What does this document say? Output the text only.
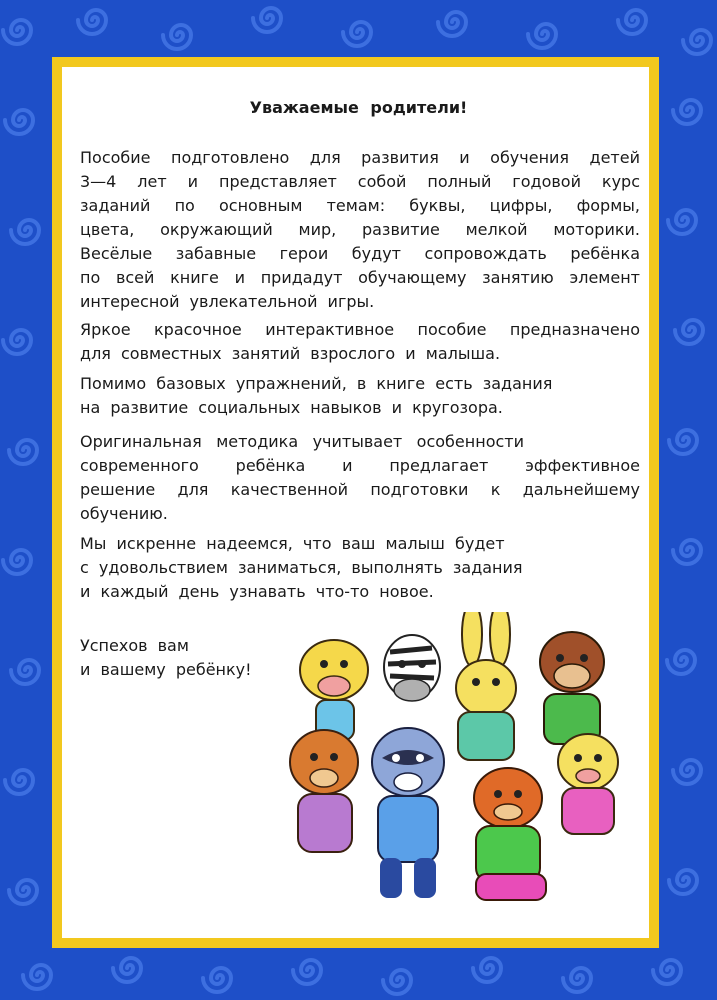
Уважаемые родители!
Пособие подготовлено для развития и обучения детей
3—4 лет и представляет собой полный годовой курс
заданий по основным темам: буквы, цифры, формы,
цвета, окружающий мир, развитие мелкой моторики.
Весёлые забавные герои будут сопровождать ребёнка
по всей книге и придадут обучающему занятию элемент
интересной увлекательной игры.
Яркое красочное интерактивное пособие предназначено
для совместных занятий взрослого и малыша.
Помимо базовых упражнений, в книге есть задания
на развитие социальных навыков и кругозора.
Оригинальная методика учитывает особенности
современного ребёнка и предлагает эффективное
решение для качественной подготовки к дальнейшему
обучению.
Мы искренне надеемся, что ваш малыш будет
с удовольствием заниматься, выполнять задания
и каждый день узнавать что-то новое.
Успехов вам
и вашему ребёнку!
